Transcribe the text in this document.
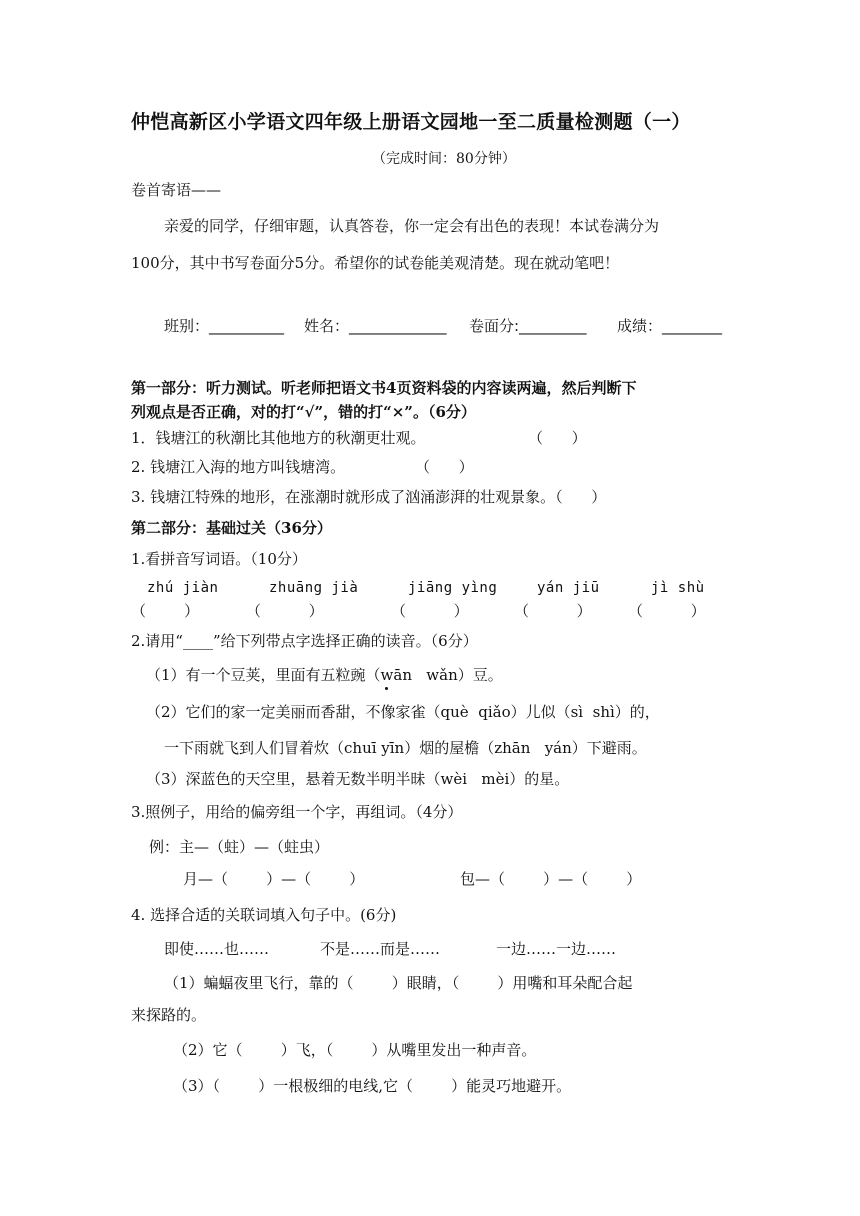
仲恺高新区小学语文四年级上册语文园地一至二质量检测题（一）
（完成时间：80分钟）
卷首寄语——
亲爱的同学，仔细审题，认真答卷，你一定会有出色的表现！本试卷满分为
100分，其中书写卷面分5分。希望你的试卷能美观清楚。现在就动笔吧！
班别：__________ 姓名：_____________ 卷面分:_________ 成绩：________
第一部分：听力测试。听老师把语文书4页资料袋的内容读两遍，然后判断下
列观点是否正确，对的打“√”，错的打“×”。（6分）
1．钱塘江的秋潮比其他地方的秋潮更壮观。	（      ）
2. 钱塘江入海的地方叫钱塘湾。	（      ）
3. 钱塘江特殊的地形，在涨潮时就形成了汹涌澎湃的壮观景象。（      ）
第二部分：基础过关（36分）
1.看拼音写词语。（10分）
zhú jiàn	zhuāng jià	jiāng yìng	yán jiū	jì shù
（        ）	（          ）	（          ）	（          ） （          ）
2.请用“____”给下列带点字选择正确的读音。（6分）
（1）有一个豆荚，里面有五粒豌（wān   wǎn）豆。
（2）它们的家一定美丽而香甜，不像家雀（què  qiǎo）儿似（sì  shì）的，
一下雨就飞到人们冒着炊（chuī yīn）烟的屋檐（zhān   yán）下避雨。
（3）深蓝色的天空里，悬着无数半明半昧（wèi   mèi）的星。
3.照例子，用给的偏旁组一个字，再组词。（4分）
例：主—（蛀）—（蛀虫）
月—（        ）—（        ）	包—（        ）—（        ）
4. 选择合适的关联词填入句子中。(6分)
即使……也……	不是……而是……	一边……一边……
（1）蝙蝠夜里飞行，靠的（        ）眼睛，（        ）用嘴和耳朵配合起
来探路的。
（2）它（        ）飞，（        ）从嘴里发出一种声音。
（3）（        ）一根极细的电线,它（        ）能灵巧地避开。
